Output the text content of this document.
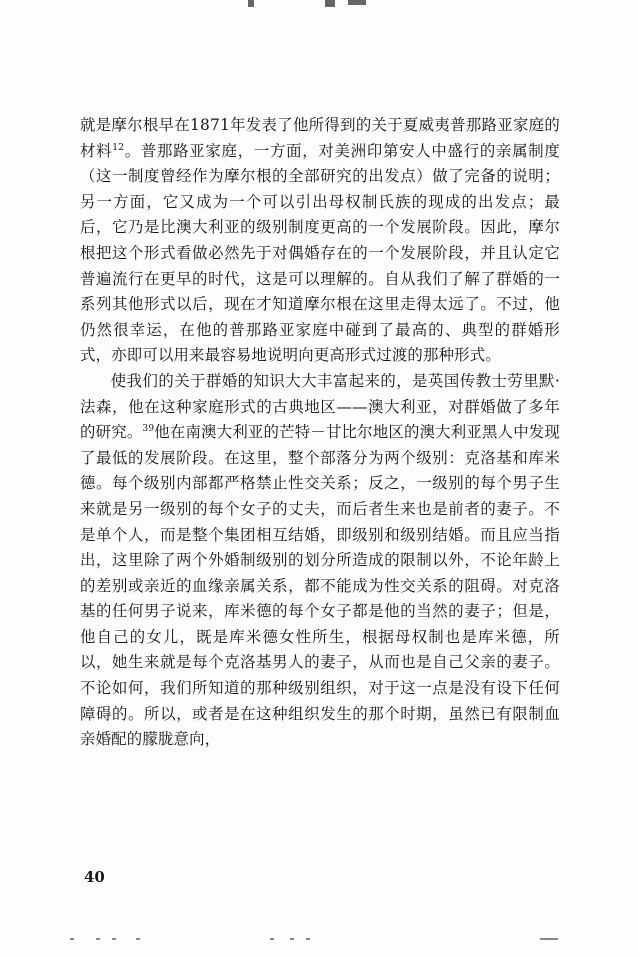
就是摩尔根早在1871年发表了他所得到的关于夏威夷普那路亚家庭的材料$^{12}$。普那路亚家庭，一方面，对美洲印第安人中盛行的亲属制度（这一制度曾经作为摩尔根的全部研究的出发点）做了完备的说明；另一方面，它又成为一个可以引出母权制氏族的现成的出发点；最后，它乃是比澳大利亚的级别制度更高的一个发展阶段。因此，摩尔根把这个形式看做必然先于对偶婚存在的一个发展阶段，并且认定它普遍流行在更早的时代，这是可以理解的。自从我们了解了群婚的一系列其他形式以后，现在才知道摩尔根在这里走得太远了。不过，他仍然很幸运，在他的普那路亚家庭中碰到了最高的、典型的群婚形式，亦即可以用来最容易地说明向更高形式过渡的那种形式。

使我们的关于群婚的知识大大丰富起来的，是英国传教士劳里默·法森，他在这种家庭形式的古典地区——澳大利亚，对群婚做了多年的研究。$^{39}$他在南澳大利亚的芒特－甘比尔地区的澳大利亚黑人中发现了最低的发展阶段。在这里，整个部落分为两个级别：克洛基和库米德。每个级别内部都严格禁止性交关系；反之，一级别的每个男子生来就是另一级别的每个女子的丈夫，而后者生来也是前者的妻子。不是单个人，而是整个集团相互结婚，即级别和级别结婚。而且应当指出，这里除了两个外婚制级别的划分所造成的限制以外，不论年龄上的差别或亲近的血缘亲属关系，都不能成为性交关系的阻碍。对克洛基的任何男子说来，库米德的每个女子都是他的当然的妻子；但是，他自己的女儿，既是库米德女性所生，根据母权制也是库米德，所以，她生来就是每个克洛基男人的妻子，从而也是自己父亲的妻子。不论如何，我们所知道的那种级别组织，对于这一点是没有设下任何障碍的。所以，或者是在这种组织发生的那个时期，虽然已有限制血亲婚配的朦胧意向，

40
